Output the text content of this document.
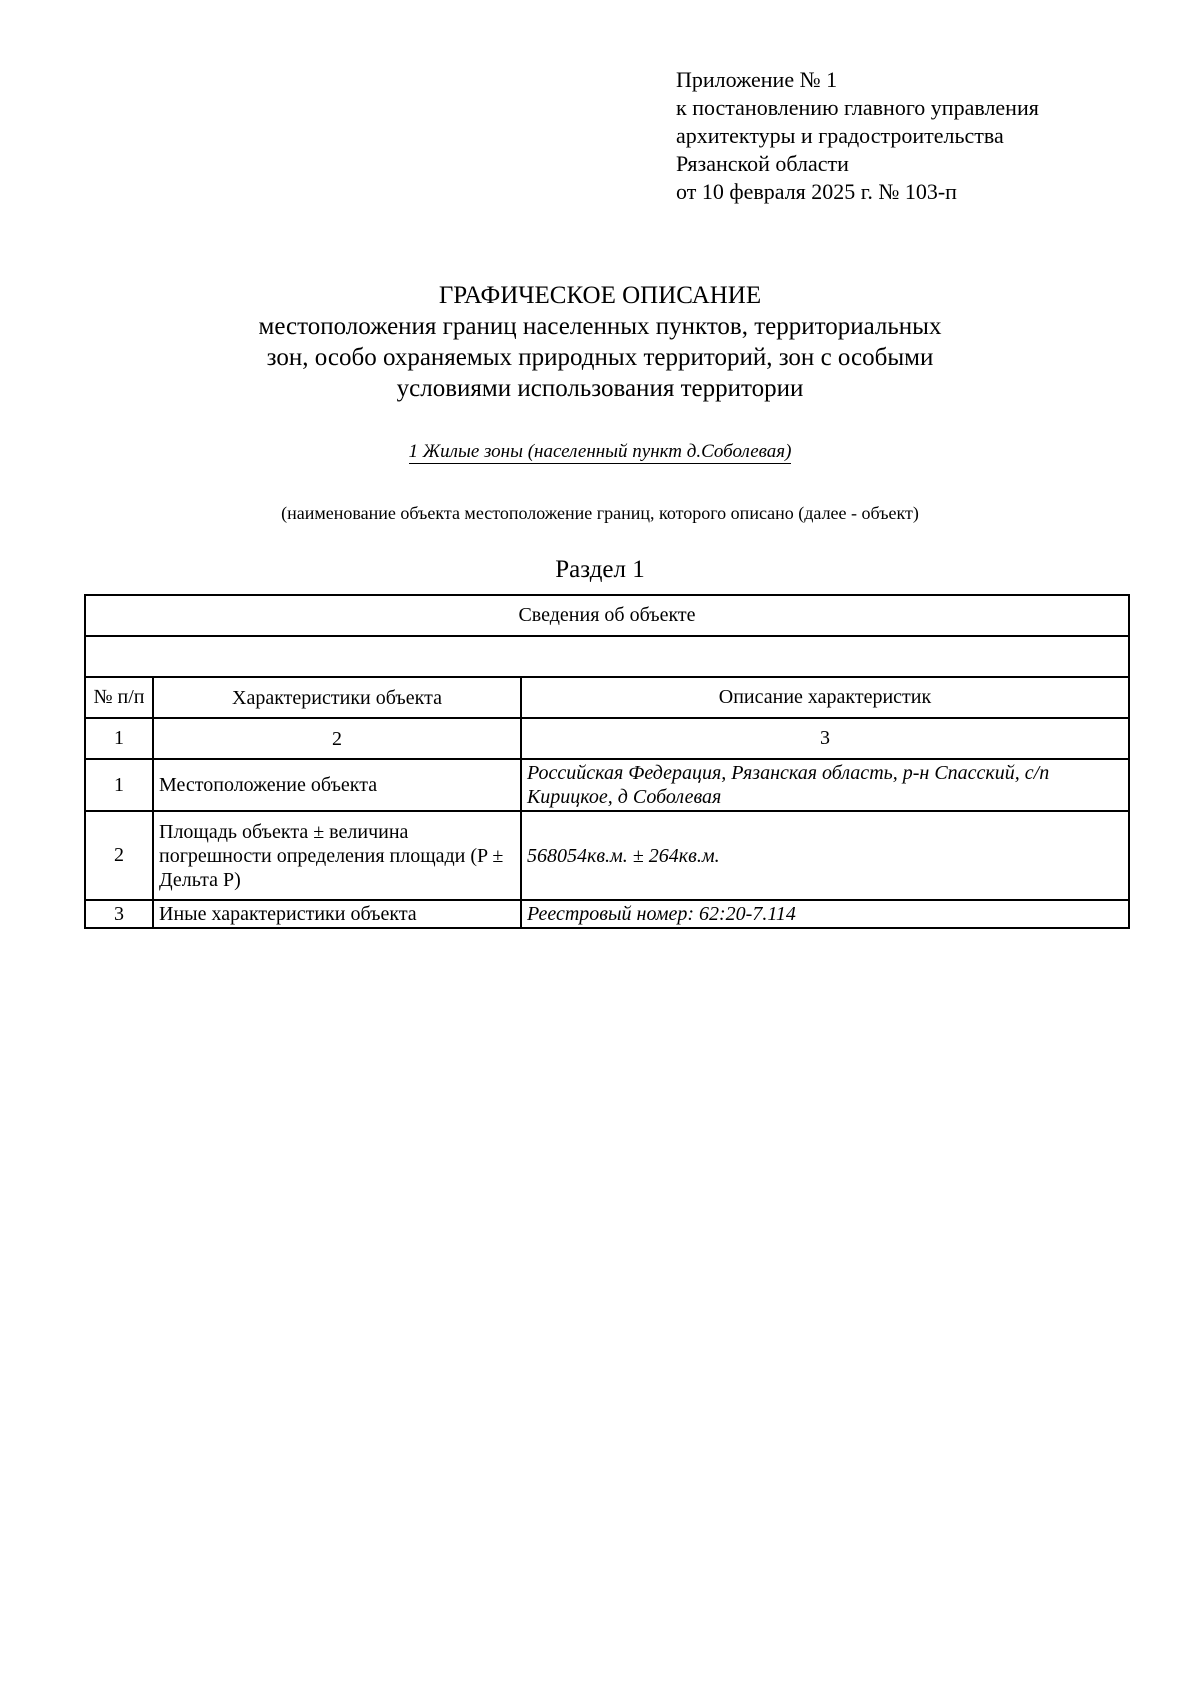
Приложение № 1
к постановлению главного управления
архитектуры и градостроительства
Рязанской области
от 10 февраля 2025 г. № 103-п
ГРАФИЧЕСКОЕ ОПИСАНИЕ
местоположения границ населенных пунктов, территориальных
зон, особо охраняемых природных территорий, зон с особыми
условиями использования территории
1 Жилые зоны (населенный пункт д.Соболевая)
(наименование объекта местоположение границ, которого описано (далее - объект)
Раздел 1
Сведения об объекте		

№ п/п	Характеристики объекта	Описание характеристик
1	2	3
1	Местоположение объекта	Российская Федерация, Рязанская область, р-н Спасский, с/п Кирицкое, д Соболевая
2	Площадь объекта ± величина погрешности определения площади (P ± Дельта P)	568054кв.м. ± 264кв.м.
3	Иные характеристики объекта	Реестровый номер: 62:20-7.114
